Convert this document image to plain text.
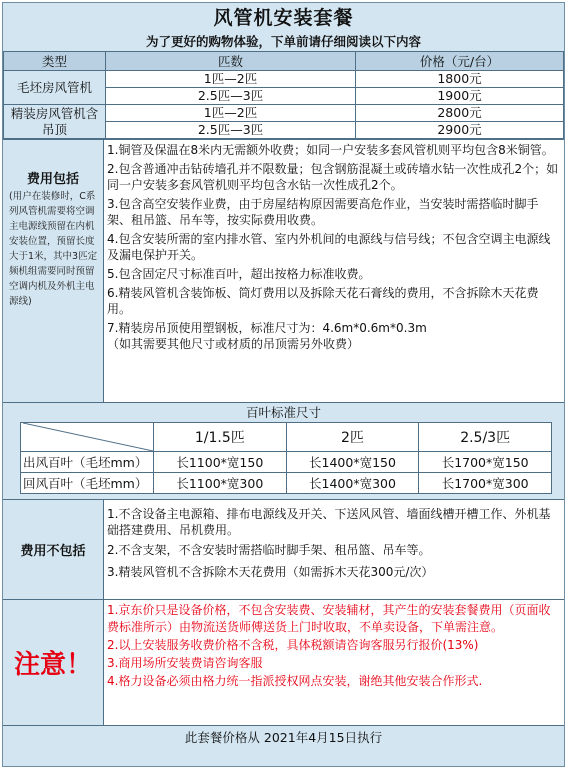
风管机安装套餐
为了更好的购物体验，下单前请仔细阅读以下内容
类型	匹数	价格（元/台）
毛坯房风管机	1匹—2匹	1800元
	2.5匹—3匹	1900元
精装房风管机含吊顶	1匹—2匹	2800元
	2.5匹—3匹	2900元
费用包括
(用户在装修时，C系列风管机需要将空调主电源线预留在内机安装位置，预留长度大于1米，其中3匹定频机组需要同时预留空调内机及外机主电源线)
1.铜管及保温在8米内无需额外收费；如同一户安装多套风管机则平均包含8米铜管。
2.包含普通冲击钻砖墙孔并不限数量；包含钢筋混凝土或砖墙水钻一次性成孔2个；如同一户安装多套风管机则平均包含水钻一次性成孔2个。
3.包含高空安装作业费，由于房屋结构原因需要高危作业，当安装时需搭临时脚手架、租吊篮、吊车等，按实际费用收费。
4.包含安装所需的室内排水管、室内外机间的电源线与信号线；不包含空调主电源线及漏电保护开关。
5.包含固定尺寸标准百叶，超出按格力标准收费。
6.精装风管机含装饰板、筒灯费用以及拆除天花石膏线的费用，不含拆除木天花费用。
7.精装房吊顶使用塑钢板，标准尺寸为：4.6m*0.6m*0.3m
（如其需要其他尺寸或材质的吊顶需另外收费）
百叶标准尺寸
	1/1.5匹	2匹	2.5/3匹
出风百叶（毛坯mm）	长1100*宽150	长1400*宽150	长1700*宽150
回风百叶（毛坯mm）	长1100*宽300	长1400*宽300	长1700*宽300
费用不包括
1.不含设备主电源箱、排布电源线及开关、下送风风管、墙面线槽开槽工作、外机基础搭建费用、吊机费用。
2.不含支架，不含安装时需搭临时脚手架、租吊篮、吊车等。
3.精装风管机不含拆除木天花费用（如需拆木天花300元/次）
注意！
1.京东价只是设备价格，不包含安装费、安装辅材，其产生的安装套餐费用（页面收费标准所示）由物流送货师傅送货上门时收取，不单卖设备，下单需注意。
2.以上安装服务收费价格不含税，具体税额请咨询客服另行报价(13%)
3.商用场所安装费请咨询客服
4.格力设备必须由格力统一指派授权网点安装，谢绝其他安装合作形式.
此套餐价格从 2021年4月15日执行
